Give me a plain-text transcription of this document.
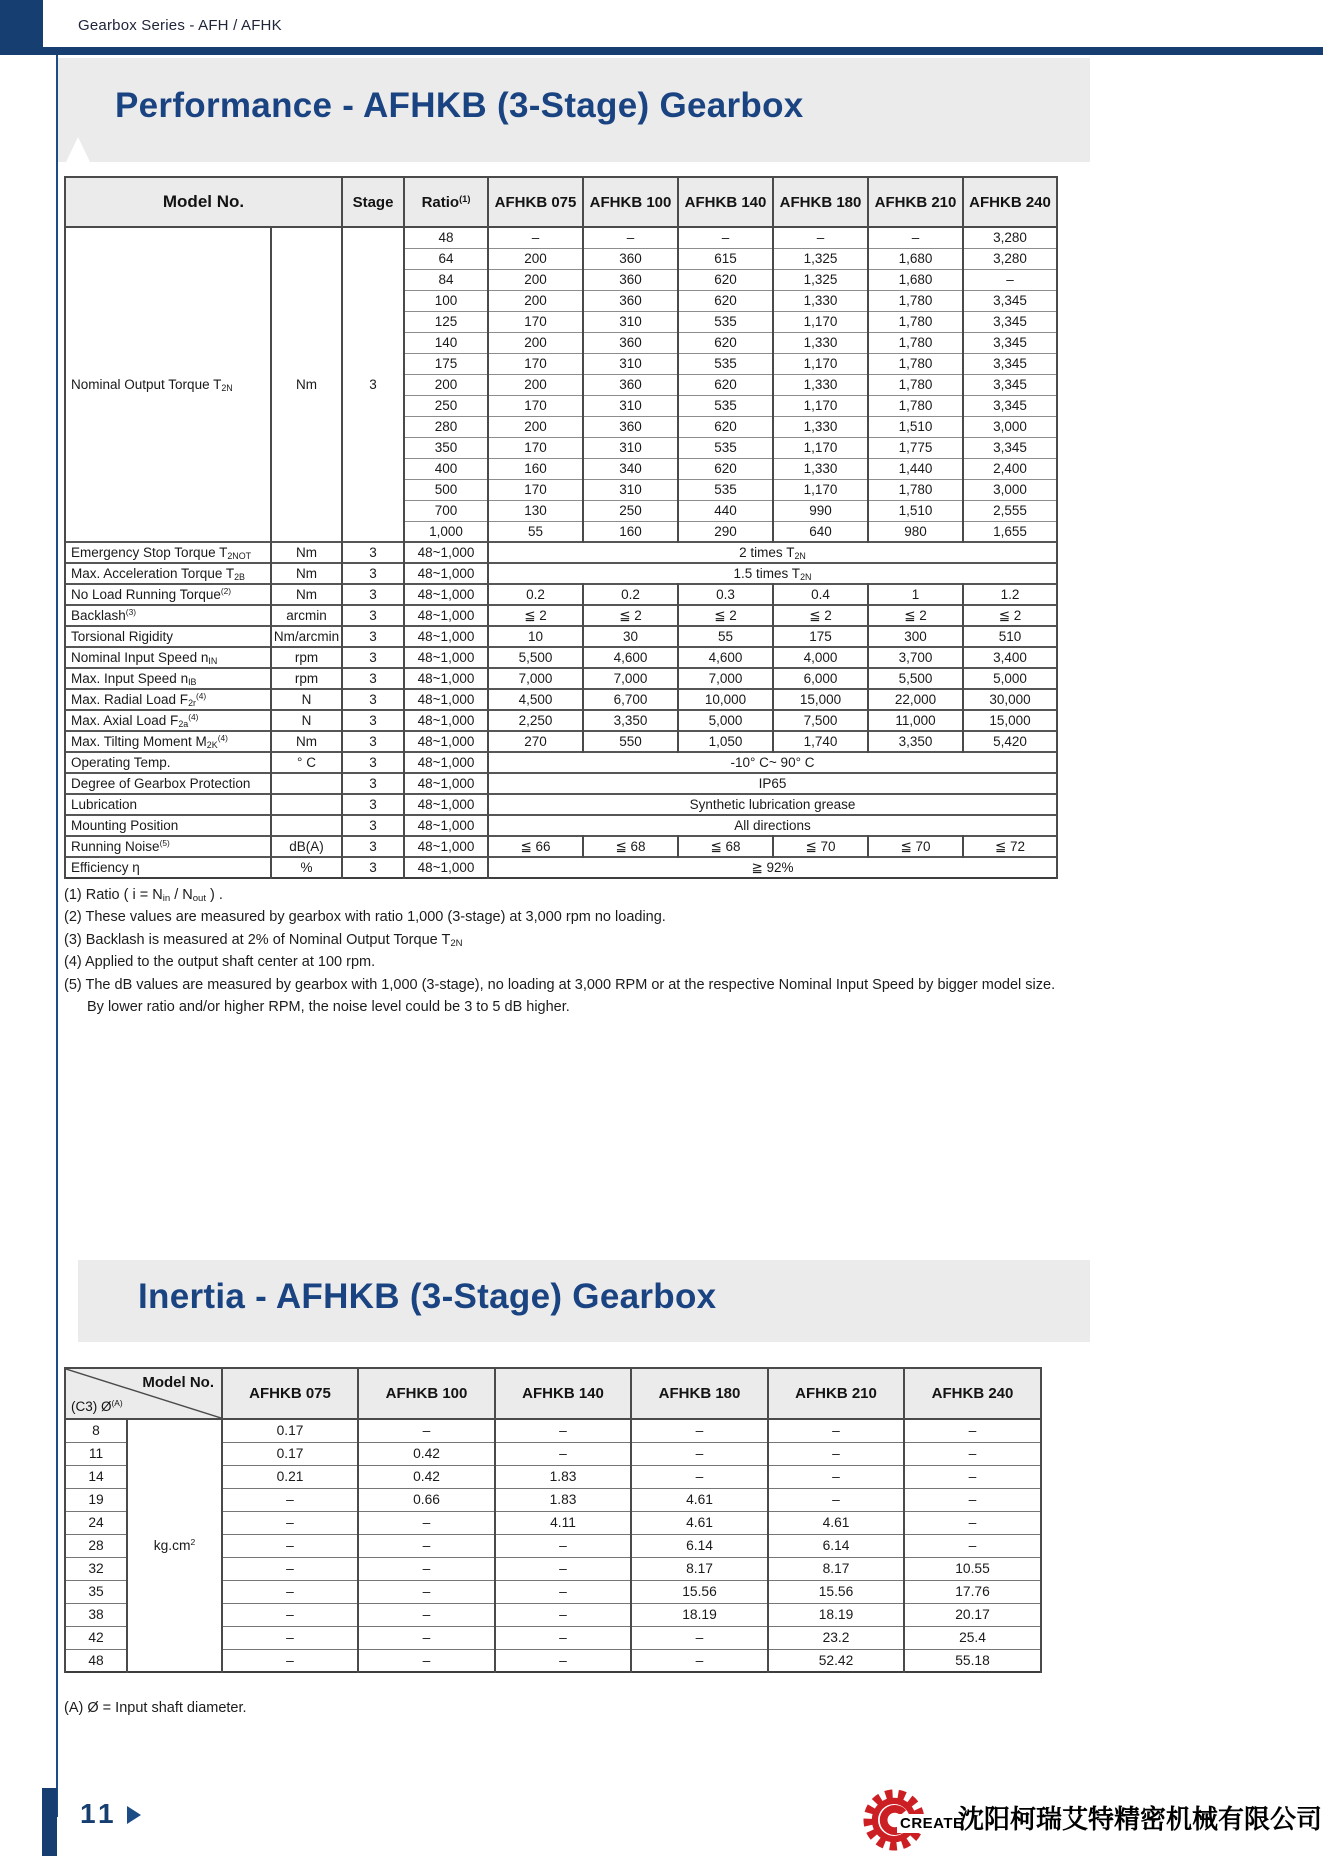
Gearbox Series - AFH / AFHK
Performance - AFHKB (3-Stage) Gearbox
Model No.		Stage	Ratio$^{(1)}$	AFHKB 075	AFHKB 100	AFHKB 140	AFHKB 180	AFHKB 210	AFHKB 240
Nominal Output Torque $T_{2N}$	Nm	3	48	–	–	–	–	–	3,280
			64	200	360	615	1,325	1,680	3,280
			84	200	360	620	1,325	1,680	–
			100	200	360	620	1,330	1,780	3,345
			125	170	310	535	1,170	1,780	3,345
			140	200	360	620	1,330	1,780	3,345
			175	170	310	535	1,170	1,780	3,345
			200	200	360	620	1,330	1,780	3,345
			250	170	310	535	1,170	1,780	3,345
			280	200	360	620	1,330	1,510	3,000
			350	170	310	535	1,170	1,775	3,345
			400	160	340	620	1,330	1,440	2,400
			500	170	310	535	1,170	1,780	3,000
			700	130	250	440	990	1,510	2,555
			1,000	55	160	290	640	980	1,655
Emergency Stop Torque $T_{2NOT}$	Nm	3	48~1,000	2 times $T_{2N}$
Max. Acceleration Torque $T_{2B}$	Nm	3	48~1,000	1.5 times $T_{2N}$
No Load Running Torque$^{(2)}$	Nm	3	48~1,000	0.2	0.2	0.3	0.4	1	1.2
Backlash$^{(3)}$	arcmin	3	48~1,000	≦ 2	≦ 2	≦ 2	≦ 2	≦ 2	≦ 2
Torsional Rigidity	Nm/arcmin	3	48~1,000	10	30	55	175	300	510
Nominal Input Speed $n_{IN}$	rpm	3	48~1,000	5,500	4,600	4,600	4,000	3,700	3,400
Max. Input Speed $n_{IB}$	rpm	3	48~1,000	7,000	7,000	7,000	6,000	5,500	5,000
Max. Radial Load $F_{2r}^{(4)}$	N	3	48~1,000	4,500	6,700	10,000	15,000	22,000	30,000
Max. Axial Load $F_{2a}^{(4)}$	N	3	48~1,000	2,250	3,350	5,000	7,500	11,000	15,000
Max. Tilting Moment $M_{2K}^{(4)}$	Nm	3	48~1,000	270	550	1,050	1,740	3,350	5,420
Operating Temp.	° C	3	48~1,000	-10° C~ 90° C					
Degree of Gearbox Protection		3	48~1,000	IP65					
Lubrication		3	48~1,000	Synthetic lubrication grease					
Mounting Position		3	48~1,000	All directions					
Running Noise$^{(5)}$	dB(A)	3	48~1,000	≦ 66	≦ 68	≦ 68	≦ 70	≦ 70	≦ 72
Efficiency η	%	3	48~1,000	≧ 92%					
(1) Ratio ( $i = N_{in} / N_{out}$ ) .
(2) These values are measured by gearbox with ratio 1,000 (3-stage) at 3,000 rpm no loading.
(3) Backlash is measured at 2% of Nominal Output Torque $T_{2N}$
(4) Applied to the output shaft center at 100 rpm.
(5) The dB values are measured by gearbox with 1,000 (3-stage), no loading at 3,000 RPM or at the respective Nominal Input Speed by bigger model size.
By lower ratio and/or higher RPM, the noise level could be 3 to 5 dB higher.
Inertia - AFHKB (3-Stage) Gearbox
Model No.
(C3) $Ø^{(A)}$		AFHKB 075	AFHKB 100	AFHKB 140	AFHKB 180	AFHKB 210	AFHKB 240
8	$kg.cm^2$	0.17	–	–	–	–	–
11		0.17	0.42	–	–	–	–
14		0.21	0.42	1.83	–	–	–
19		–	0.66	1.83	4.61	–	–
24		–	–	4.11	4.61	4.61	–
28		–	–	–	6.14	6.14	–
32		–	–	–	8.17	8.17	10.55
35		–	–	–	15.56	15.56	17.76
38		–	–	–	18.19	18.19	20.17
42		–	–	–	–	23.2	25.4
48		–	–	–	–	52.42	55.18
(A) Ø = Input shaft diameter.
11	CREATE
沈阳柯瑞艾特精密机械有限公司
